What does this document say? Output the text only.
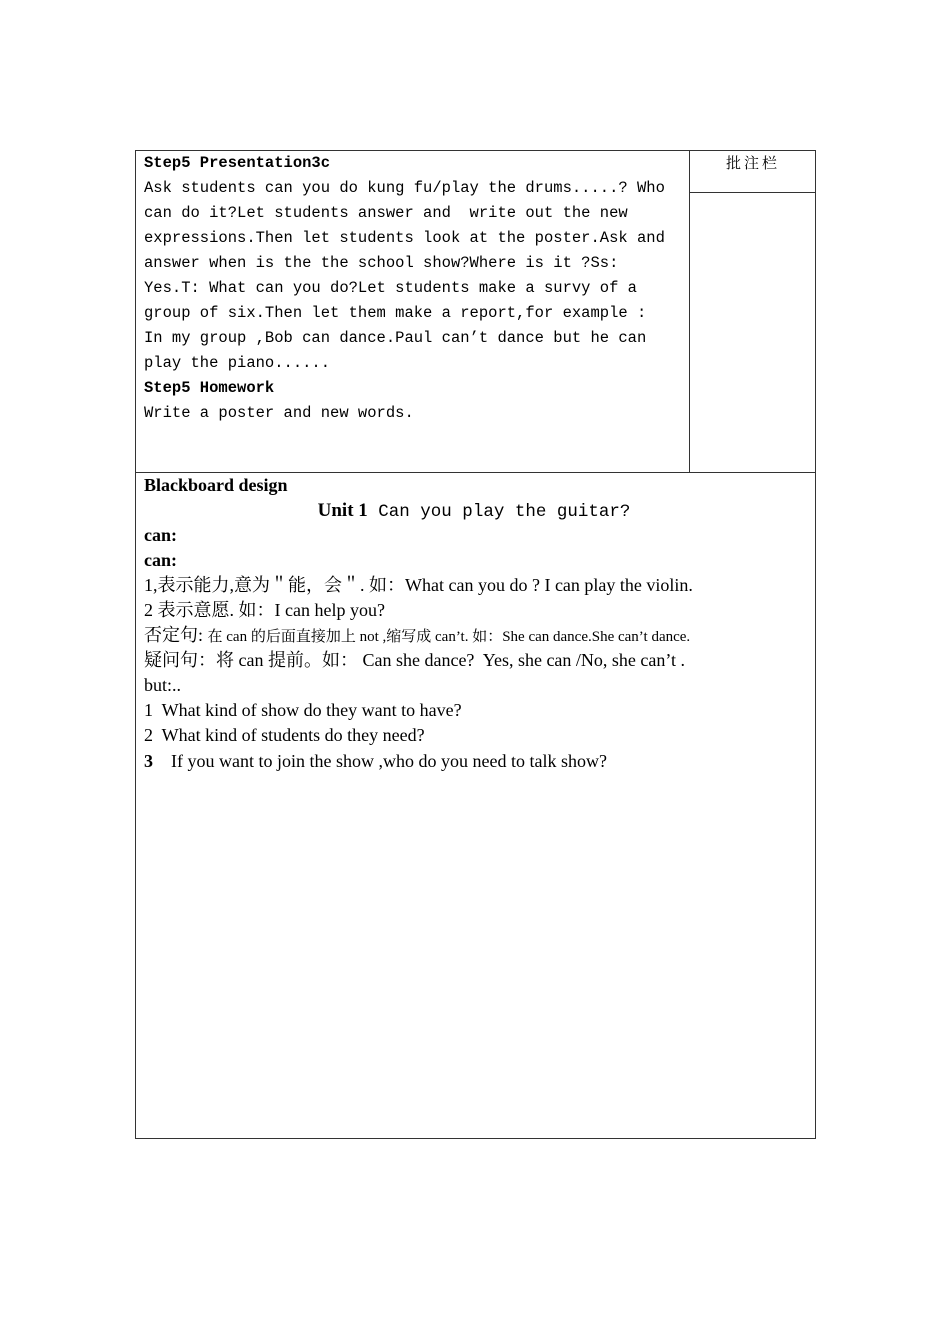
批注栏
Step5 Presentation3c
Ask students can you do kung fu/play the drums.....? Who
can do it?Let students answer and  write out the new
expressions.Then let students look at the poster.Ask and
answer when is the the school show?Where is it ?Ss:
Yes.T: What can you do?Let students make a survy of a
group of six.Then let them make a report,for example :
In my group ,Bob can dance.Paul can’t dance but he can
play the piano......
Step5 Homework
Write a poster and new words.
Blackboard design
Unit 1 Can you play the guitar?
can:
can:
1,表示能力,意为＂能，会＂. 如：What can you do ? I can play the violin.
2 表示意愿. 如：I can help you?
否定句: 在 can 的后面直接加上 not ,缩写成 can’t. 如：She can dance.She can’t dance.
疑问句：将 can 提前。如： Can she dance?  Yes, she can /No, she can’t .
but:..
1  What kind of show do they want to have?
2  What kind of students do they need?
3    If you want to join the show ,who do you need to talk show?
